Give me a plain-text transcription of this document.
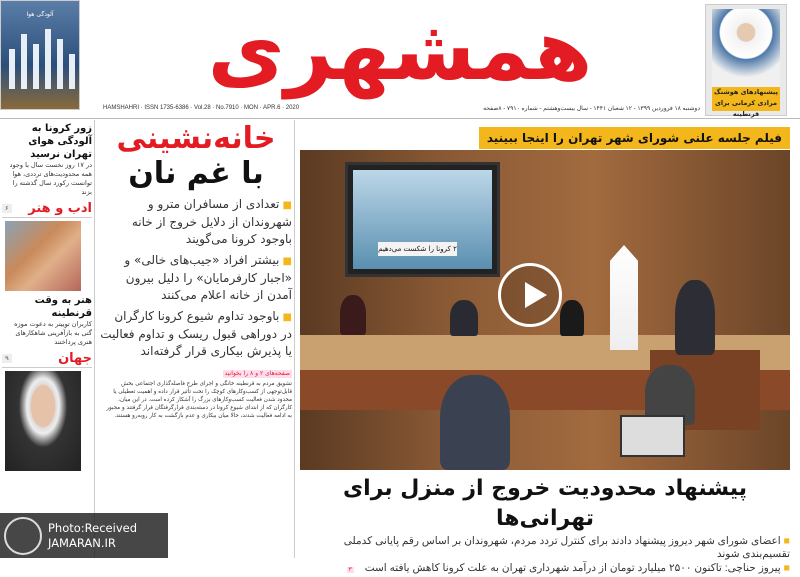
آلودگی هوا	همشهری	پیشنهادهای هوشنگ مرادی کرمانی برای قرنطینه
HAMSHAHRI · ISSN 1735-6386 · Vol.28 · No.7910 · MON · APR.6 · 2020	دوشنبه ۱۸ فروردین ۱۳۹۹ - ۱۲ شعبان ۱۴۴۱ - سال بیست‌وهشتم - شماره ۷۹۱۰ - ۸صفحه
زور کرونا به آلودگی هوای تهران نرسید
در ۱۷ روز نخست سال با وجود همه محدودیت‌های ترددی، هوا توانست رکورد سال گذشته را بزند
ادب و هنر
۶
هنر به وقت قرنطینه
کاربران توییتر به دعوت موزه گتی به بازآفرینی شاهکارهای هنری پرداختند
جهان
۹
خانه‌نشینی
با غم نان
■ تعدادی از مسافران مترو و شهروندان از دلایل خروج از خانه باوجود کرونا می‌گویند
■ بیشتر افراد «جیب‌های خالی» و «اجبار کارفرمایان» را دلیل بیرون آمدن از خانه اعلام می‌کنند
■ باوجود تداوم شیوع کرونا کارگران در دوراهی قبول ریسک و تداوم فعالیت یا پذیرش بیکاری قرار گرفته‌اند
صفحه‌های ۲ و ۸ را بخوانید
تشویق مردم به قرنطینه خانگی و اجرای طرح فاصله‌گذاری اجتماعی بخش قابل‌توجهی از کسب‌وکارهای کوچک را تحت تأثیر قرار داده و اهمیت تعطیلی یا محدود شدن فعالیت کسب‌وکارهای بزرگ را آشکار کرده است. در این میان، کارگران که از ابتدای شیوع کرونا در دسته‌بندی قرارگرفتگان قرار گرفتند و مجبور به ادامه فعالیت شدند، حالا میان بیکاری و عدم بازگشت به کار روبه‌رو هستند.
فیلم جلسه علنی شورای شهر تهران را اینجا ببینید
۲ کرونا را شکست می‌دهیم
پیشنهاد محدودیت خروج از منزل برای تهرانی‌ها
■ اعضای شورای شهر دیروز پیشنهاد دادند برای کنترل تردد مردم، شهروندان بر اساس رقم پایانی کدملی تقسیم‌بندی شوند
■ پیروز حناچی: تاکنون ۲۵۰۰ میلیارد تومان از درآمد شهرداری تهران به علت کرونا کاهش یافته است ۳
Photo:Received
JAMARAN.IR
